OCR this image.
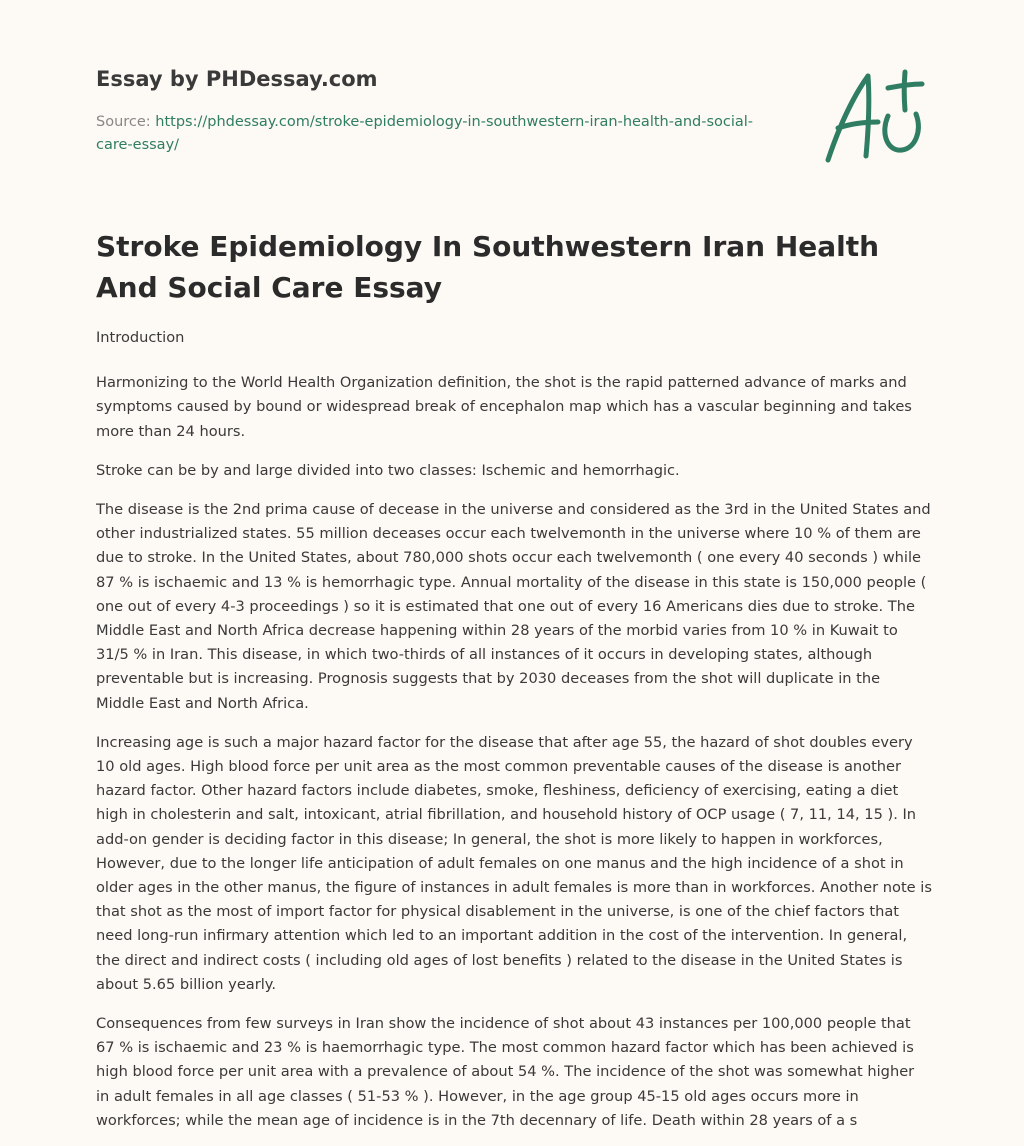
Essay by PHDessay.com
Source: https://phdessay.com/stroke-epidemiology-in-southwestern-iran-health-and-social-care-essay/
Stroke Epidemiology In Southwestern Iran Health And Social Care Essay

Introduction

Harmonizing to the World Health Organization definition, the shot is the rapid patterned advance of marks and symptoms caused by bound or widespread break of encephalon map which has a vascular beginning and takes more than 24 hours.

Stroke can be by and large divided into two classes: Ischemic and hemorrhagic.

The disease is the 2nd prima cause of decease in the universe and considered as the 3rd in the United States and other industrialized states. 55 million deceases occur each twelvemonth in the universe where 10 % of them are due to stroke. In the United States, about 780,000 shots occur each twelvemonth ( one every 40 seconds ) while 87 % is ischaemic and 13 % is hemorrhagic type. Annual mortality of the disease in this state is 150,000 people ( one out of every 4-3 proceedings ) so it is estimated that one out of every 16 Americans dies due to stroke. The Middle East and North Africa decrease happening within 28 years of the morbid varies from 10 % in Kuwait to 31/5 % in Iran. This disease, in which two-thirds of all instances of it occurs in developing states, although preventable but is increasing. Prognosis suggests that by 2030 deceases from the shot will duplicate in the Middle East and North Africa.

Increasing age is such a major hazard factor for the disease that after age 55, the hazard of shot doubles every 10 old ages. High blood force per unit area as the most common preventable causes of the disease is another hazard factor. Other hazard factors include diabetes, smoke, fleshiness, deficiency of exercising, eating a diet high in cholesterin and salt, intoxicant, atrial fibrillation, and household history of OCP usage ( 7, 11, 14, 15 ). In add-on gender is deciding factor in this disease; In general, the shot is more likely to happen in workforces, However, due to the longer life anticipation of adult females on one manus and the high incidence of a shot in older ages in the other manus, the figure of instances in adult females is more than in workforces. Another note is that shot as the most of import factor for physical disablement in the universe, is one of the chief factors that need long-run infirmary attention which led to an important addition in the cost of the intervention. In general, the direct and indirect costs ( including old ages of lost benefits ) related to the disease in the United States is about 5.65 billion yearly.

Consequences from few surveys in Iran show the incidence of shot about 43 instances per 100,000 people that 67 % is ischaemic and 23 % is haemorrhagic type. The most common hazard factor which has been achieved is high blood force per unit area with a prevalence of about 54 %. The incidence of the shot was somewhat higher in adult females in all age classes ( 51-53 % ). However, in the age group 45-15 old ages occurs more in workforces; while the mean age of incidence is in the 7th decennary of life. Death within 28 years of a s
